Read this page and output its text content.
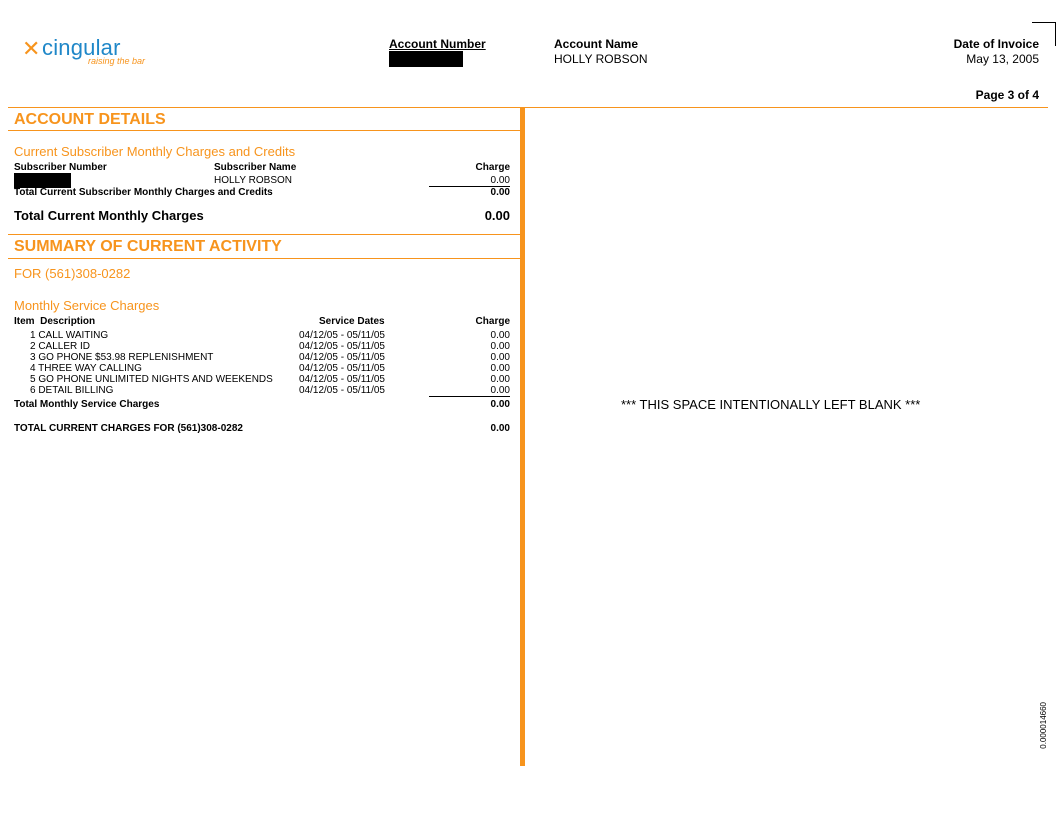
✕ cingular
raising the bar
Account Number	Account Name
HOLLY ROBSON
Date of Invoice
May 13, 2005
Page 3 of 4
ACCOUNT DETAILS
Current Subscriber Monthly Charges and Credits
Subscriber Number	Subscriber Name	Charge
HOLLY ROBSON	0.00
Total Current Subscriber Monthly Charges and Credits	0.00
Total Current Monthly Charges	0.00
SUMMARY OF CURRENT ACTIVITY
FOR (561)308-0282
Monthly Service Charges
Item  Description	Service Dates	Charge
1 CALL WAITING	04/12/05 - 05/11/05	0.00
2 CALLER ID	04/12/05 - 05/11/05	0.00
3 GO PHONE $53.98 REPLENISHMENT	04/12/05 - 05/11/05	0.00
4 THREE WAY CALLING	04/12/05 - 05/11/05	0.00
5 GO PHONE UNLIMITED NIGHTS AND WEEKENDS	04/12/05 - 05/11/05	0.00
6 DETAIL BILLING	04/12/05 - 05/11/05	0.00
Total Monthly Service Charges	0.00
TOTAL CURRENT CHARGES FOR (561)308-0282	0.00
*** THIS SPACE INTENTIONALLY LEFT BLANK ***
0.000014660
